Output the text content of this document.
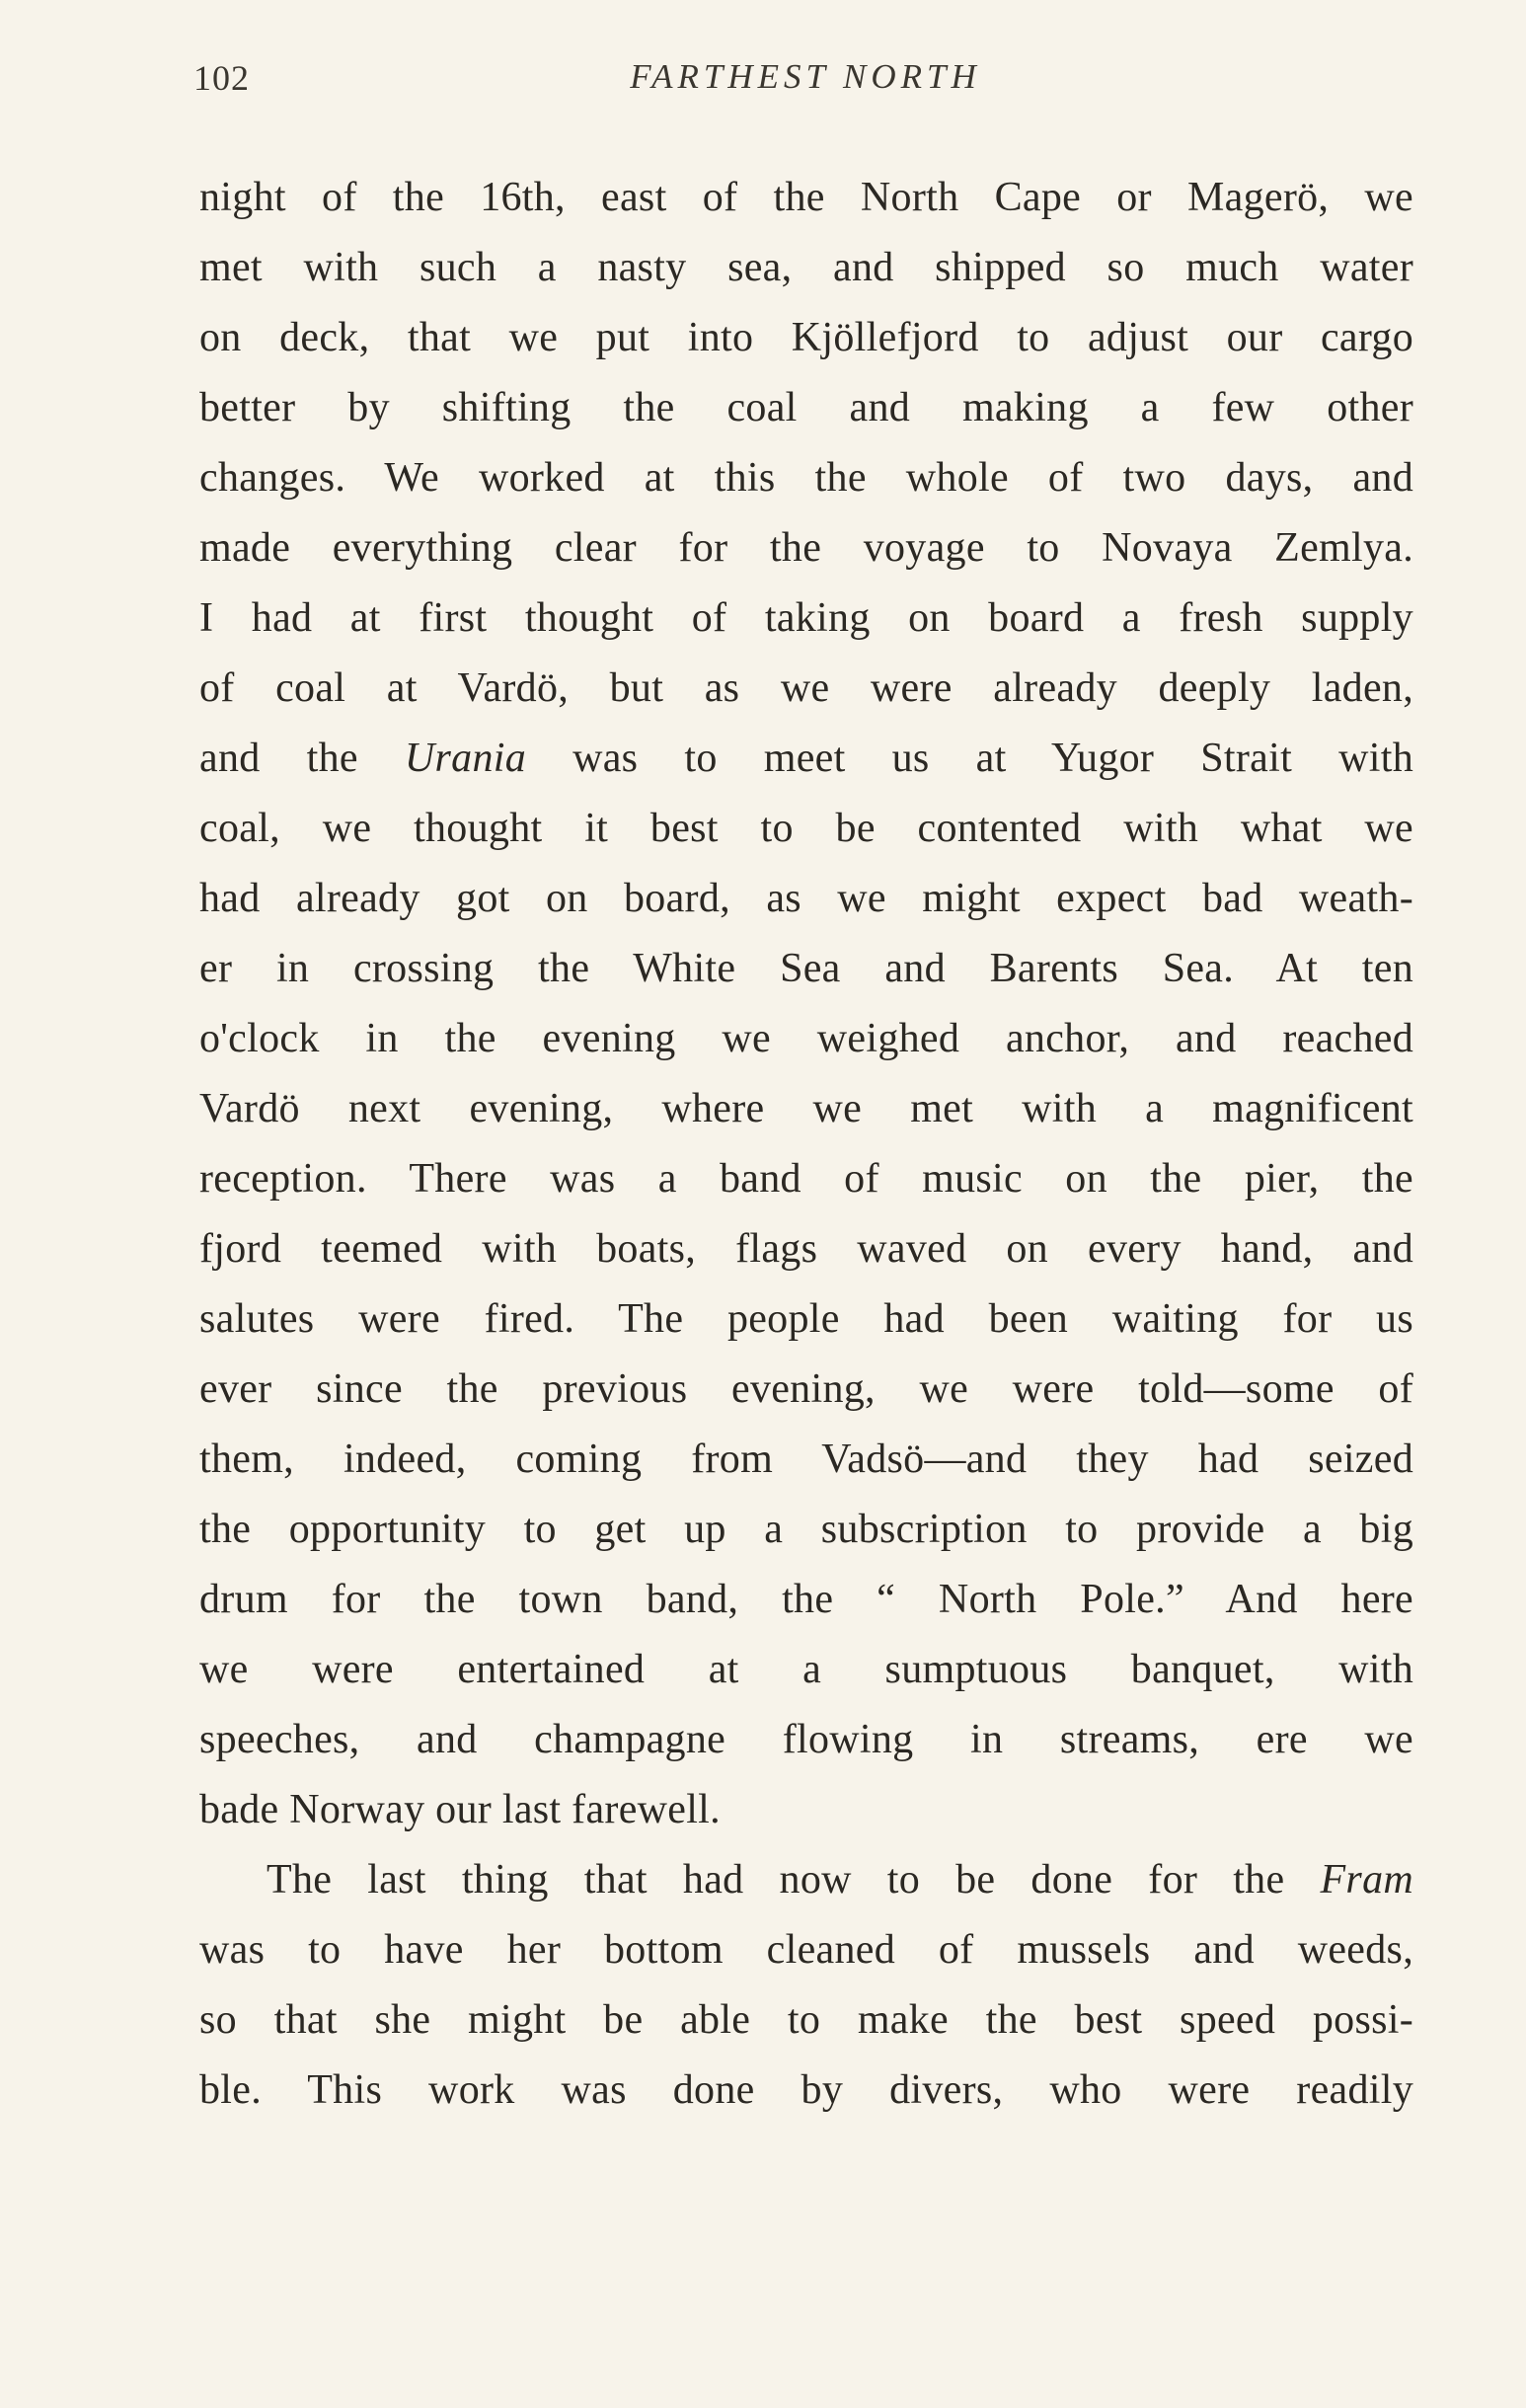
102	FARTHEST NORTH
night of the 16th, east of the North Cape or Magerö, we
met with such a nasty sea, and shipped so much water
on deck, that we put into Kjöllefjord to adjust our cargo
better by shifting the coal and making a few other
changes. We worked at this the whole of two days, and
made everything clear for the voyage to Novaya Zemlya.
I had at first thought of taking on board a fresh supply
of coal at Vardö, but as we were already deeply laden,
and the Urania was to meet us at Yugor Strait with
coal, we thought it best to be contented with what we
had already got on board, as we might expect bad weath-
er in crossing the White Sea and Barents Sea. At ten
o'clock in the evening we weighed anchor, and reached
Vardö next evening, where we met with a magnificent
reception. There was a band of music on the pier, the
fjord teemed with boats, flags waved on every hand, and
salutes were fired. The people had been waiting for us
ever since the previous evening, we were told—some of
them, indeed, coming from Vadsö—and they had seized
the opportunity to get up a subscription to provide a big
drum for the town band, the “ North Pole.” And here
we were entertained at a sumptuous banquet, with
speeches, and champagne flowing in streams, ere we
bade Norway our last farewell.
The last thing that had now to be done for the Fram
was to have her bottom cleaned of mussels and weeds,
so that she might be able to make the best speed possi-
ble. This work was done by divers, who were readily
